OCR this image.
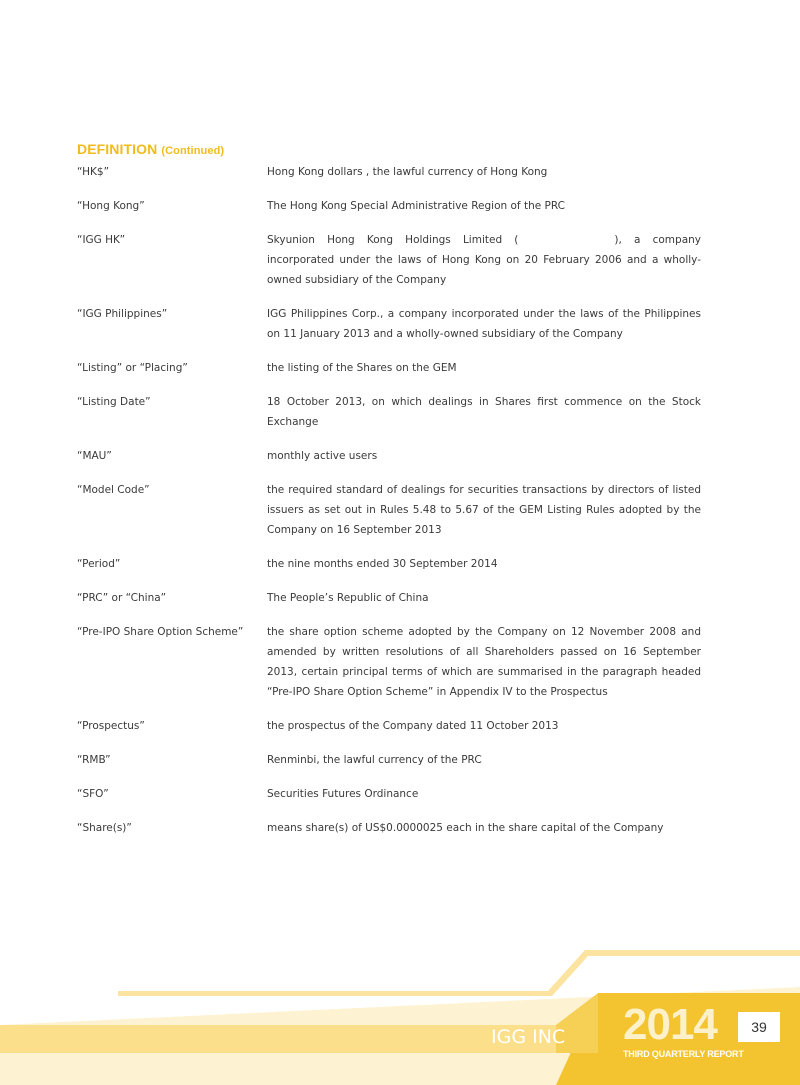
DEFINITION (Continued)
“HK$”	Hong Kong dollars , the lawful currency of Hong Kong
“Hong Kong”	The Hong Kong Special Administrative Region of the PRC
“IGG HK”	Skyunion Hong Kong Holdings Limited (	), a company incorporated under the laws of Hong Kong on 20 February 2006 and a wholly-owned subsidiary of the Company
“IGG Philippines”	IGG Philippines Corp., a company incorporated under the laws of the Philippines on 11 January 2013 and a wholly-owned subsidiary of the Company
“Listing” or “Placing”	the listing of the Shares on the GEM
“Listing Date”	18 October 2013, on which dealings in Shares first commence on the Stock Exchange
“MAU”	monthly active users
“Model Code”	the required standard of dealings for securities transactions by directors of listed issuers as set out in Rules 5.48 to 5.67 of the GEM Listing Rules adopted by the Company on 16 September 2013
“Period”	the nine months ended 30 September 2014
“PRC” or “China”	The People’s Republic of China
“Pre-IPO Share Option Scheme”	the share option scheme adopted by the Company on 12 November 2008 and amended by written resolutions of all Shareholders passed on 16 September 2013, certain principal terms of which are summarised in the paragraph headed “Pre-IPO Share Option Scheme” in Appendix IV to the Prospectus
“Prospectus”	the prospectus of the Company dated 11 October 2013
“RMB”	Renminbi, the lawful currency of the PRC
“SFO”	Securities Futures Ordinance
“Share(s)”	means share(s) of US$0.0000025 each in the share capital of the Company
IGG INC 2014
THIRD QUARTERLY REPORT
39
